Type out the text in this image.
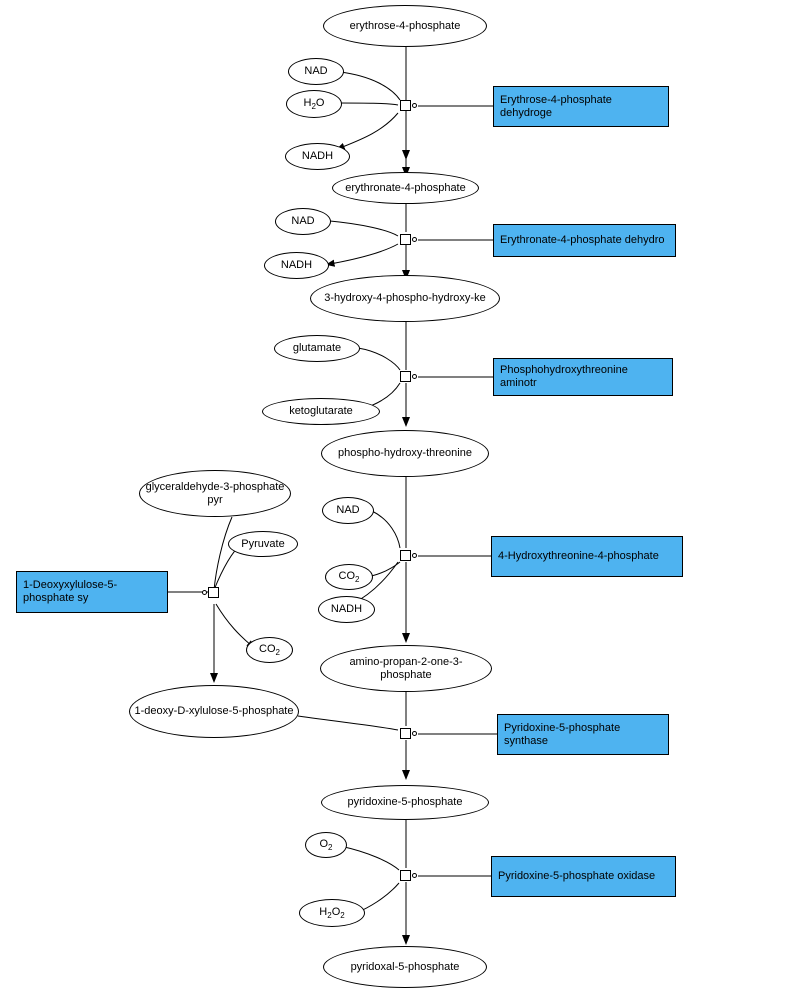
erythrose-4-phosphate
erythronate-4-phosphate
3-hydroxy-4-phospho-hydroxy-ke
phospho-hydroxy-threonine
amino-propan-2-one-3-phosphate
pyridoxine-5-phosphate
pyridoxal-5-phosphate
glyceraldehyde-3-phosphate pyr
1-deoxy-D-xylulose-5-phosphate
NAD
$H_2O$
NADH
NAD
NADH
glutamate
ketoglutarate
NAD
$CO_2$
NADH
Pyruvate
$CO_2$
$O_2$
$H_2O_2$
Erythrose-4-phosphate dehydroge
Erythronate-4-phosphate dehydro
Phosphohydroxythreonine aminotr
4-Hydroxythreonine-4-phosphate
1-Deoxyxylulose-5-phosphate sy
Pyridoxine-5-phosphate synthase
Pyridoxine-5-phosphate oxidase
